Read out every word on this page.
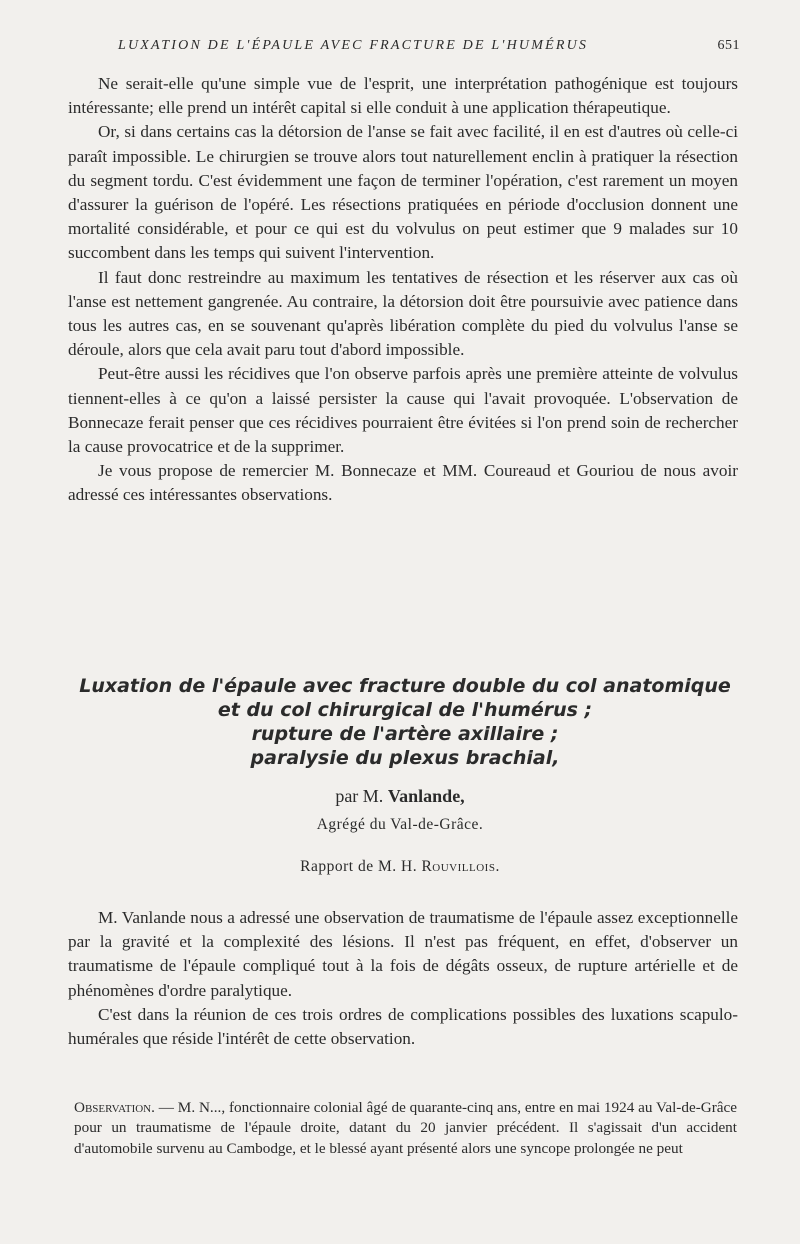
LUXATION DE L'ÉPAULE AVEC FRACTURE DE L'HUMÉRUS	651

Ne serait-elle qu'une simple vue de l'esprit, une interprétation pathogénique est toujours intéressante; elle prend un intérêt capital si elle conduit à une application thérapeutique.

Or, si dans certains cas la détorsion de l'anse se fait avec facilité, il en est d'autres où celle-ci paraît impossible. Le chirurgien se trouve alors tout naturellement enclin à pratiquer la résection du segment tordu. C'est évidemment une façon de terminer l'opération, c'est rarement un moyen d'assurer la guérison de l'opéré. Les résections pratiquées en période d'occlusion donnent une mortalité considérable, et pour ce qui est du volvulus on peut estimer que 9 malades sur 10 succombent dans les temps qui suivent l'intervention.

Il faut donc restreindre au maximum les tentatives de résection et les réserver aux cas où l'anse est nettement gangrenée. Au contraire, la détorsion doit être poursuivie avec patience dans tous les autres cas, en se souvenant qu'après libération complète du pied du volvulus l'anse se déroule, alors que cela avait paru tout d'abord impossible.

Peut-être aussi les récidives que l'on observe parfois après une première atteinte de volvulus tiennent-elles à ce qu'on a laissé persister la cause qui l'avait provoquée. L'observation de Bonnecaze ferait penser que ces récidives pourraient être évitées si l'on prend soin de rechercher la cause provocatrice et de la supprimer.

Je vous propose de remercier M. Bonnecaze et MM. Coureaud et Gouriou de nous avoir adressé ces intéressantes observations.

Luxation de l'épaule avec fracture double du col anatomique
et du col chirurgical de l'humérus ;
rupture de l'artère axillaire ;
paralysie du plexus brachial,
par M. Vanlande,
Agrégé du Val-de-Grâce.
Rapport de M. H. Rouvillois.

M. Vanlande nous a adressé une observation de traumatisme de l'épaule assez exceptionnelle par la gravité et la complexité des lésions. Il n'est pas fréquent, en effet, d'observer un traumatisme de l'épaule compliqué tout à la fois de dégâts osseux, de rupture artérielle et de phénomènes d'ordre paralytique.

C'est dans la réunion de ces trois ordres de complications possibles des luxations scapulo-humérales que réside l'intérêt de cette observation.

Observation. — M. N..., fonctionnaire colonial âgé de quarante-cinq ans, entre en mai 1924 au Val-de-Grâce pour un traumatisme de l'épaule droite, datant du 20 janvier précédent. Il s'agissait d'un accident d'automobile survenu au Cambodge, et le blessé ayant présenté alors une syncope prolongée ne peut
